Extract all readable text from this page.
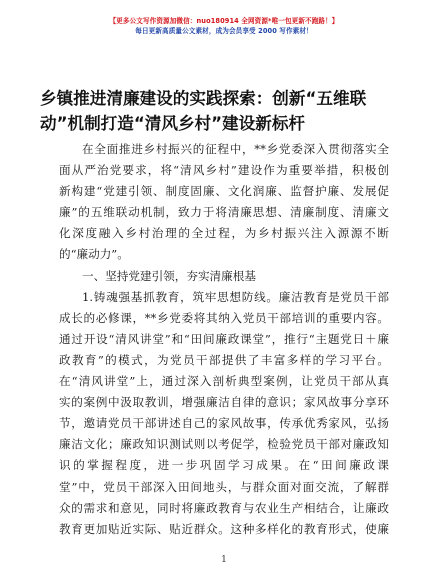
【更多公文写作资源加微信：nuo180914 全网资源*唯一包更新不跑路！】
每日更新高质量公文素材，成为会员享受 2000 写作素材！
乡镇推进清廉建设的实践探索：创新“五维联
动”机制打造“清风乡村”建设新标杆
在全面推进乡村振兴的征程中，**乡党委深入贯彻落实全
面从严治党要求，将“清风乡村”建设作为重要举措，积极创
新构建“党建引领、制度固廉、文化润廉、监督护廉、发展促
廉”的五维联动机制，致力于将清廉思想、清廉制度、清廉文
化深度融入乡村治理的全过程，为乡村振兴注入源源不断
的“廉动力”。
一、坚持党建引领，夯实清廉根基
1.铸魂强基抓教育，筑牢思想防线。廉洁教育是党员干部
成长的必修课，**乡党委将其纳入党员干部培训的重要内容。
通过开设“清风讲堂”和“田间廉政课堂”，推行“主题党日＋廉
政教育”的模式，为党员干部提供了丰富多样的学习平台。
在“清风讲堂”上，通过深入剖析典型案例，让党员干部从真
实的案例中汲取教训，增强廉洁自律的意识；家风故事分享环
节，邀请党员干部讲述自己的家风故事，传承优秀家风，弘扬
廉洁文化；廉政知识测试则以考促学，检验党员干部对廉政知
识的掌握程度，进一步巩固学习成果。在“田间廉政课
堂”中，党员干部深入田间地头，与群众面对面交流，了解群
众的需求和意见，同时将廉政教育与农业生产相结合，让廉政
教育更加贴近实际、贴近群众。这种多样化的教育形式，使廉
1
